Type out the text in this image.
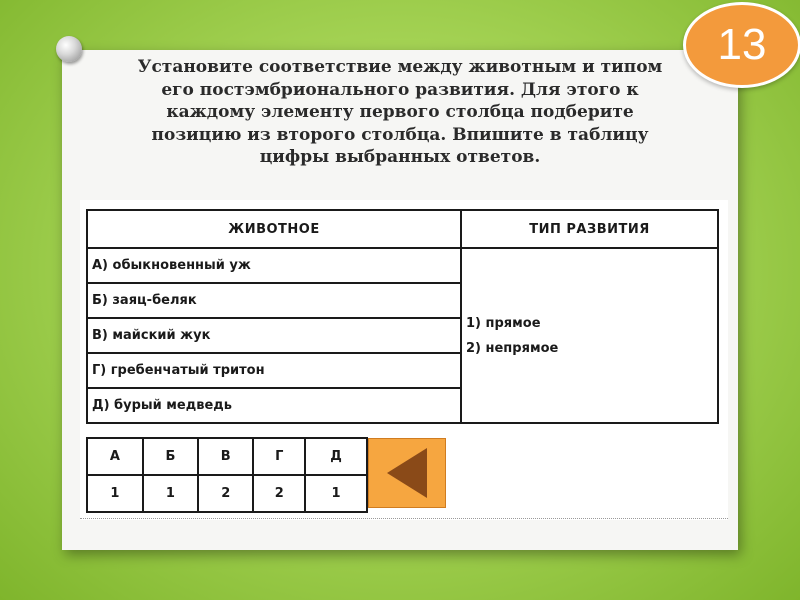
13

Установите соответствие между животным и типом
его постэмбрионального развития. Для этого к
каждому элементу первого столбца подберите
позицию из второго столбца. Впишите в таблицу
цифры выбранных ответов.

ЖИВОТНОЕ	ТИП РАЗВИТИЯ
А) обыкновенный уж	1) прямое
2) непрямое
Б) заяц-беляк	
В) майский жук	
Г) гребенчатый тритон	
Д) бурый медведь	
А	Б	В	Г	Д
1	1	2	2	1
